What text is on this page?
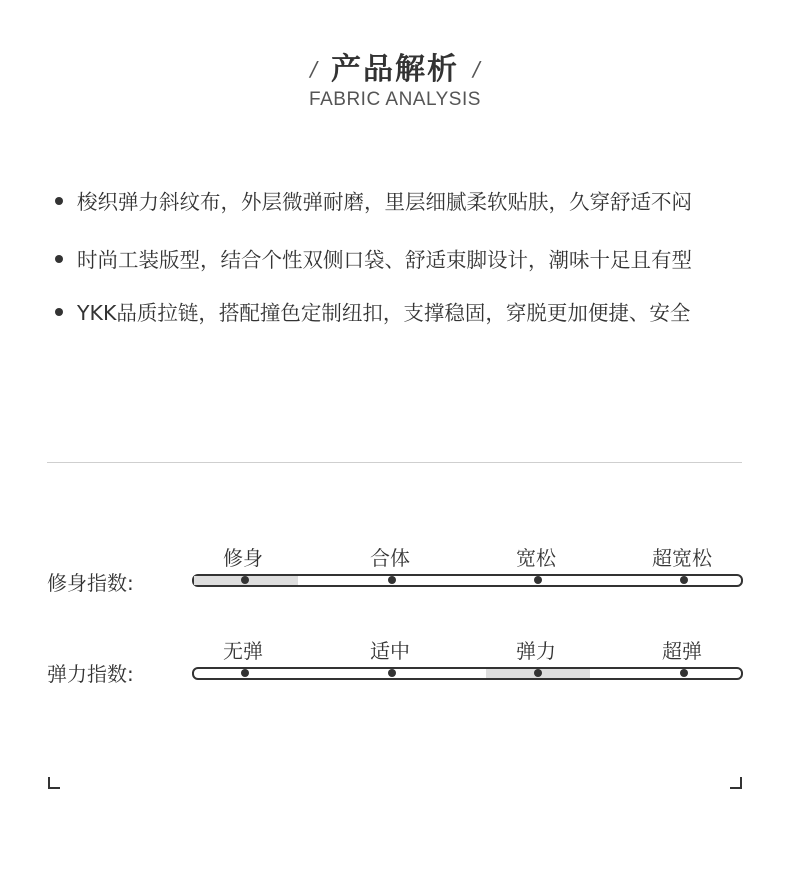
/ 产品解析 /
FABRIC ANALYSIS
梭织弹力斜纹布，外层微弹耐磨，里层细腻柔软贴肤，久穿舒适不闷
时尚工装版型，结合个性双侧口袋、舒适束脚设计，潮味十足且有型
YKK品质拉链，搭配撞色定制纽扣，支撑稳固，穿脱更加便捷、安全
修身	合体	宽松	超宽松
修身指数:
无弹	适中	弹力	超弹
弹力指数:
